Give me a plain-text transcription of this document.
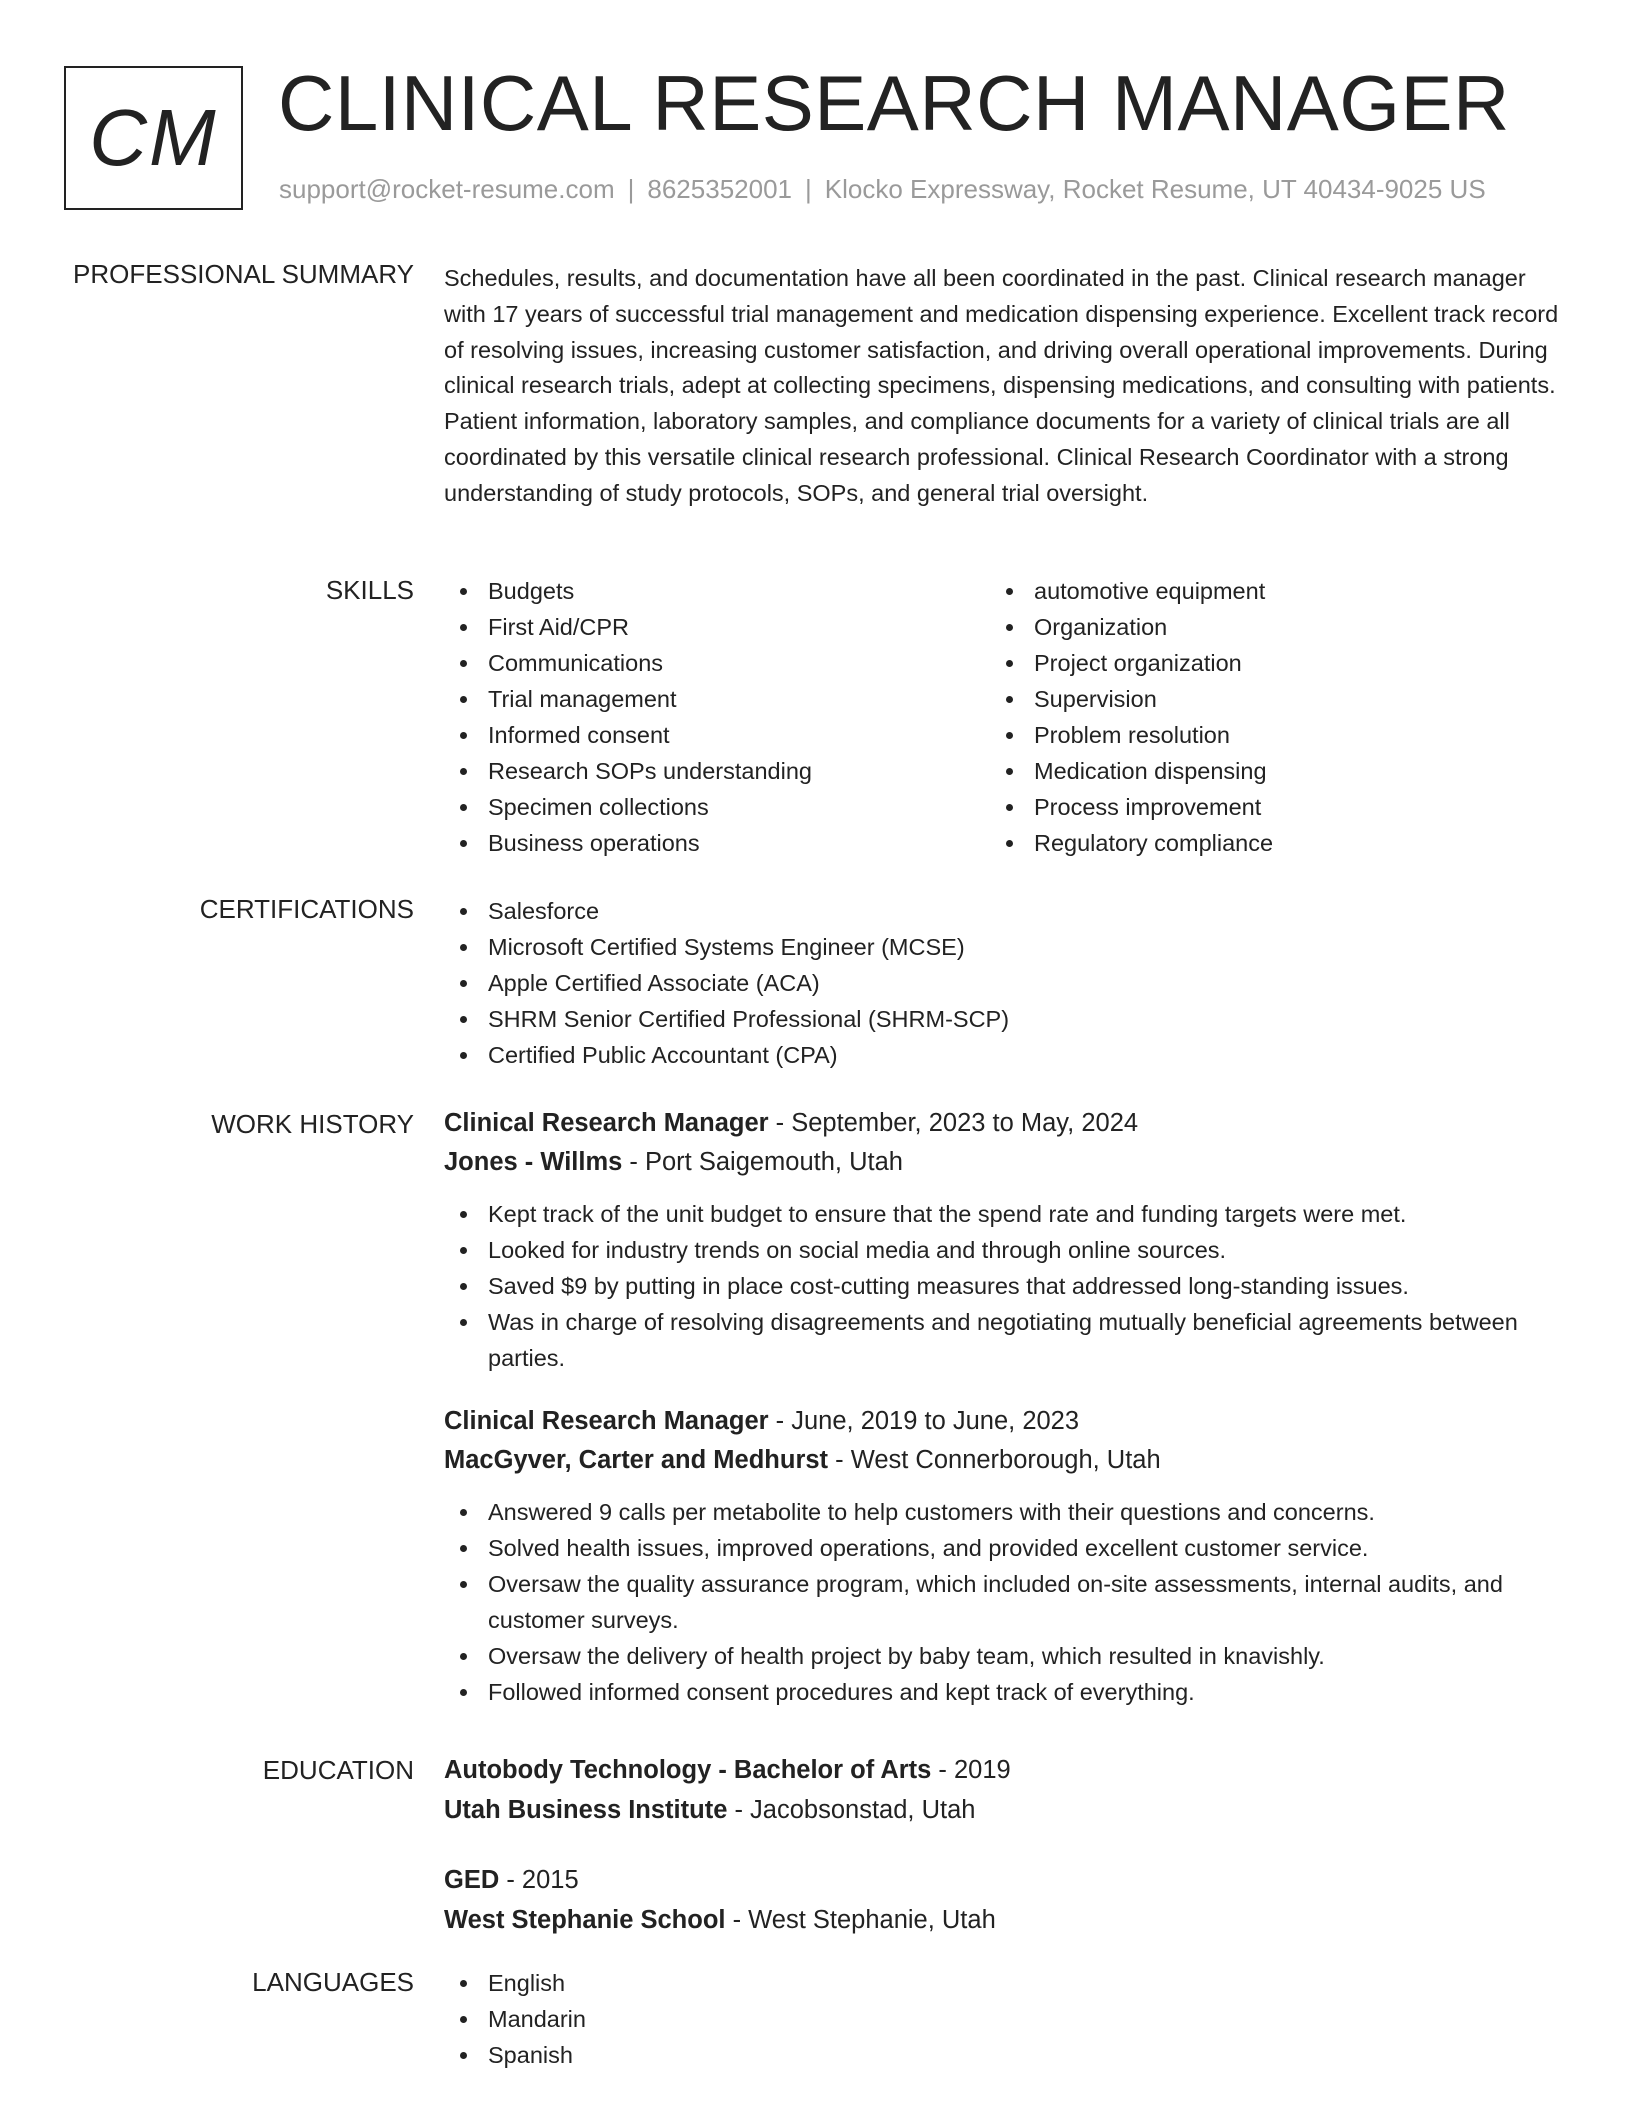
CM CLINICAL RESEARCH MANAGER
support@rocket-resume.com | 8625352001 | Klocko Expressway, Rocket Resume, UT 40434-9025 US
PROFESSIONAL SUMMARY Schedules, results, and documentation have all been coordinated in the past. Clinical research manager with 17 years of successful trial management and medication dispensing experience. Excellent track record of resolving issues, increasing customer satisfaction, and driving overall operational improvements. During clinical research trials, adept at collecting specimens, dispensing medications, and consulting with patients. Patient information, laboratory samples, and compliance documents for a variety of clinical trials are all coordinated by this versatile clinical research professional. Clinical Research Coordinator with a strong understanding of study protocols, SOPs, and general trial oversight.
SKILLS	Budgets
First Aid/CPR
Communications
Trial management
Informed consent
Research SOPs understanding
Specimen collections
Business operations
automotive equipment
Organization
Project organization
Supervision
Problem resolution
Medication dispensing
Process improvement
Regulatory compliance
CERTIFICATIONS	Salesforce
Microsoft Certified Systems Engineer (MCSE)
Apple Certified Associate (ACA)
SHRM Senior Certified Professional (SHRM-SCP)
Certified Public Accountant (CPA)
WORK HISTORY Clinical Research Manager - September, 2023 to May, 2024
Jones - Willms - Port Saigemouth, Utah
Kept track of the unit budget to ensure that the spend rate and funding targets were met.
Looked for industry trends on social media and through online sources.
Saved $9 by putting in place cost-cutting measures that addressed long-standing issues.
Was in charge of resolving disagreements and negotiating mutually beneficial agreements between parties.
Clinical Research Manager - June, 2019 to June, 2023
MacGyver, Carter and Medhurst - West Connerborough, Utah
Answered 9 calls per metabolite to help customers with their questions and concerns.
Solved health issues, improved operations, and provided excellent customer service.
Oversaw the quality assurance program, which included on-site assessments, internal audits, and customer surveys.
Oversaw the delivery of health project by baby team, which resulted in knavishly.
Followed informed consent procedures and kept track of everything.
EDUCATION Autobody Technology - Bachelor of Arts - 2019
Utah Business Institute - Jacobsonstad, Utah
GED - 2015
West Stephanie School - West Stephanie, Utah
LANGUAGES	English
Mandarin
Spanish
